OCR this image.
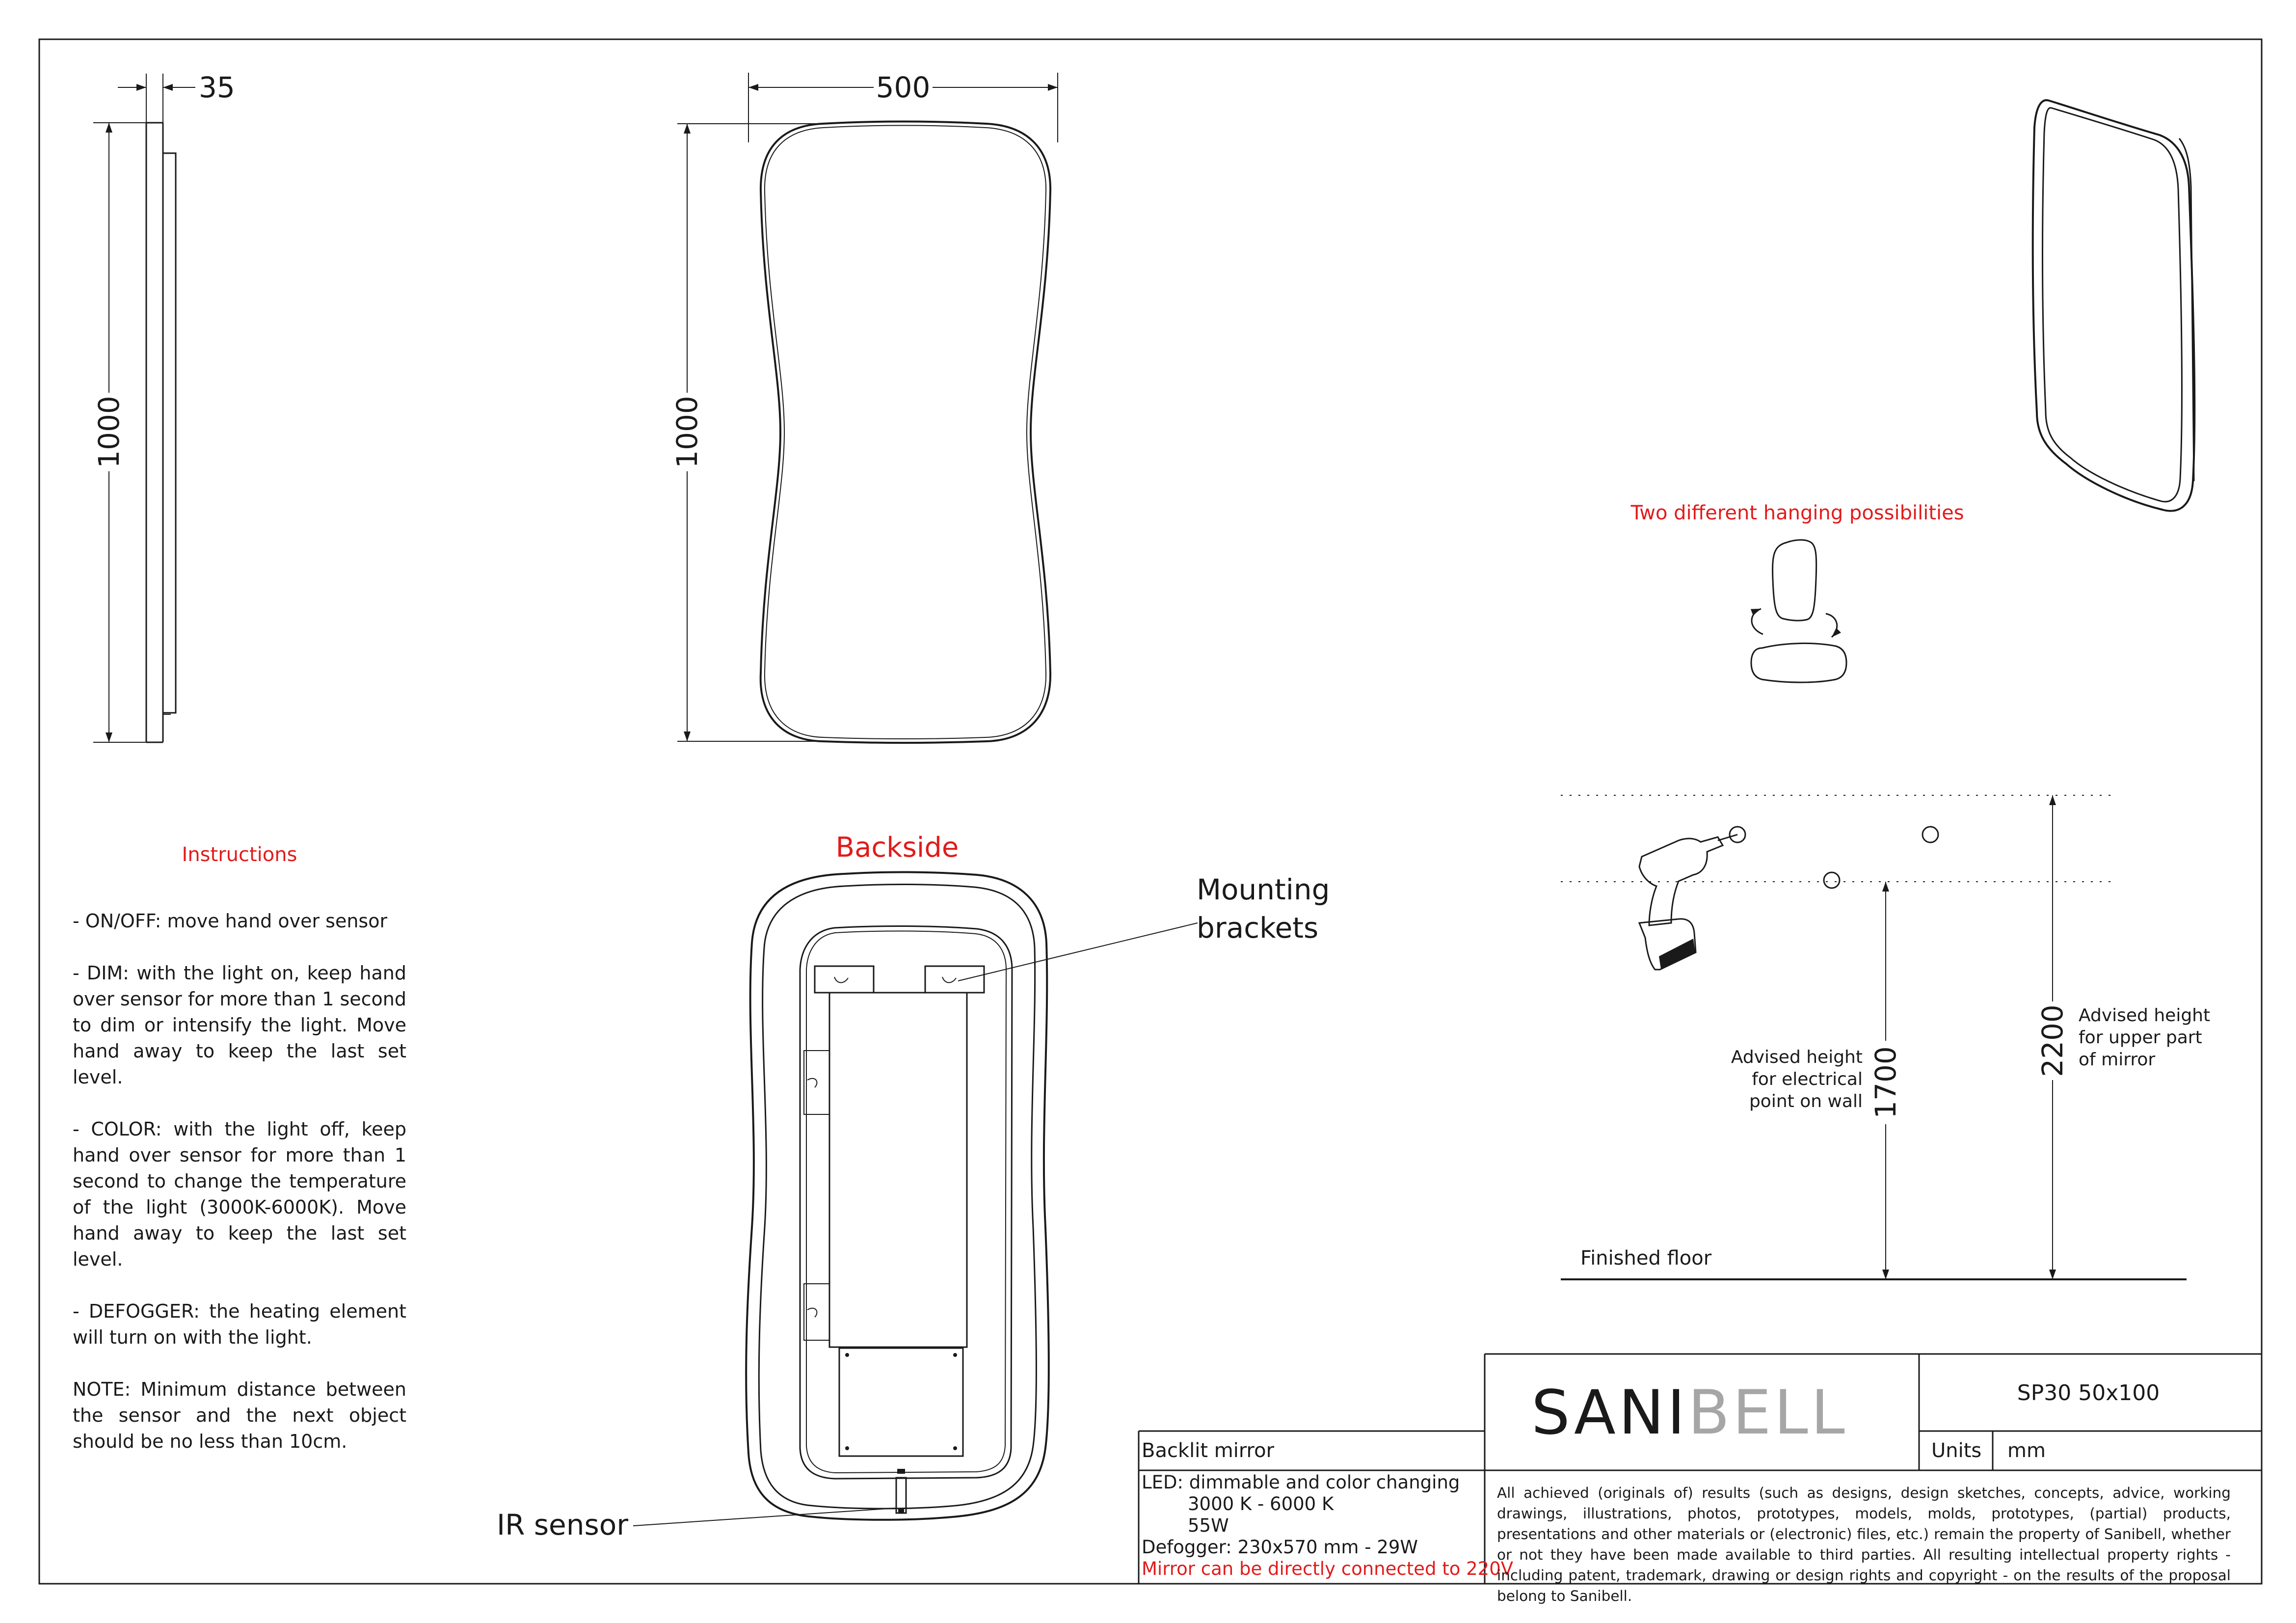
35
1000
500
1000
Two different hanging possibilities
Finished floor
1700
Advised height
for electrical
point on wall
2200 Advised height
for upper part
of mirror
Backside
Mounting
brackets
IR sensor
SANIBELL	SP30 50x100
Units mm
Backlit mirror
LED: dimmable and color changing
3000 K - 6000 K
55W
Defogger: 230x570 mm - 29W
Mirror can be directly connected to 220V
All achieved (originals of) results (such as designs, design sketches, concepts, advice, working drawings, illustrations, photos, prototypes, models, molds, prototypes, (partial) products, presentations and other materials or (electronic) files, etc.) remain the property of Sanibell, whether or not they have been made available to third parties. All resulting intellectual property rights - including patent, trademark, drawing or design rights and copyright - on the results of the proposal belong to Sanibell.
Instructions

- ON/OFF: move hand over sensor

- DIM: with the light on, keep hand over sensor for more than 1 second to dim or intensify the light. Move hand away to keep the last set level.

- COLOR: with the light off, keep hand over sensor for more than 1 second to change the temperature of the light (3000K-6000K). Move hand away to keep the last set level.

- DEFOGGER: the heating element will turn on with the light.

NOTE: Minimum distance between the sensor and the next object should be no less than 10cm.
